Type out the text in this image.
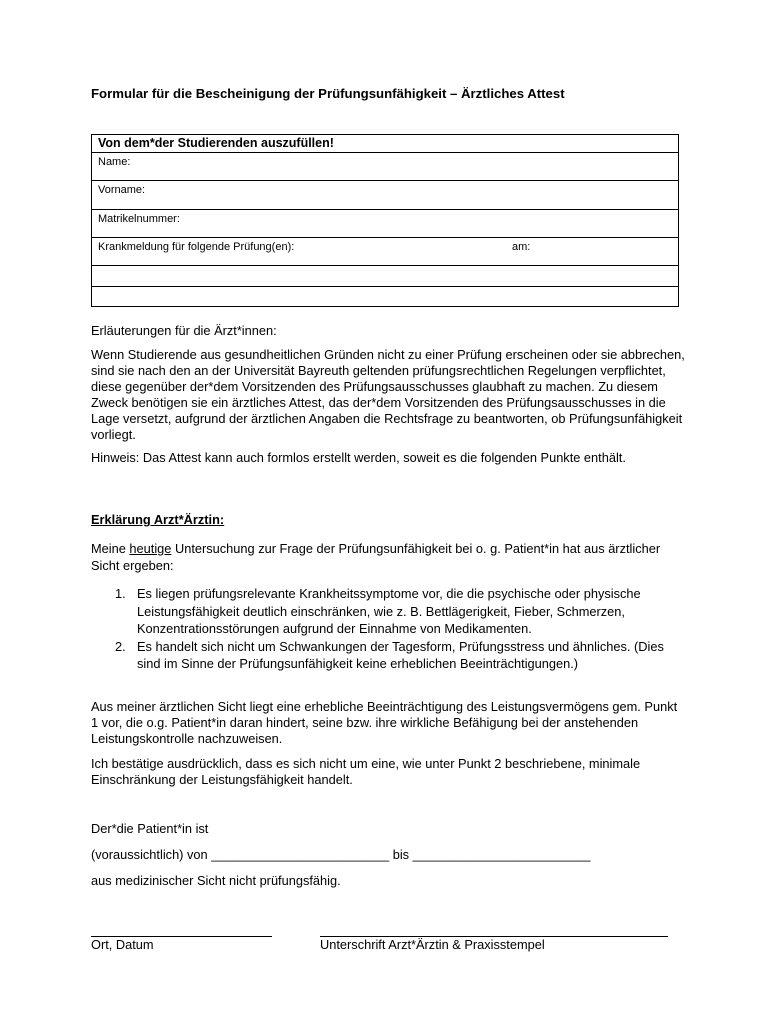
Formular für die Bescheinigung der Prüfungsunfähigkeit – Ärztliches Attest
Von dem*der Studierenden auszufüllen!
Name:
Vorname:
Matrikelnummer:
Krankmeldung für folgende Prüfung(en):	am:
Erläuterungen für die Ärzt*innen:
Wenn Studierende aus gesundheitlichen Gründen nicht zu einer Prüfung erscheinen oder sie abbrechen, sind sie nach den an der Universität Bayreuth geltenden prüfungsrechtlichen Regelungen verpflichtet, diese gegenüber der*dem Vorsitzenden des Prüfungsausschusses glaubhaft zu machen. Zu diesem Zweck benötigen sie ein ärztliches Attest, das der*dem Vorsitzenden des Prüfungsausschusses in die Lage versetzt, aufgrund der ärztlichen Angaben die Rechtsfrage zu beantworten, ob Prüfungsunfähigkeit vorliegt.
Hinweis: Das Attest kann auch formlos erstellt werden, soweit es die folgenden Punkte enthält.
Erklärung Arzt*Ärztin:
Meine heutige Untersuchung zur Frage der Prüfungsunfähigkeit bei o. g. Patient*in hat aus ärztlicher Sicht ergeben:
1. Es liegen prüfungsrelevante Krankheitssymptome vor, die die psychische oder physische Leistungsfähigkeit deutlich einschränken, wie z. B. Bettlägerigkeit, Fieber, Schmerzen, Konzentrationsstörungen aufgrund der Einnahme von Medikamenten.
2. Es handelt sich nicht um Schwankungen der Tagesform, Prüfungsstress und ähnliches. (Dies sind im Sinne der Prüfungsunfähigkeit keine erheblichen Beeinträchtigungen.)
Aus meiner ärztlichen Sicht liegt eine erhebliche Beeinträchtigung des Leistungsvermögens gem. Punkt 1 vor, die o.g. Patient*in daran hindert, seine bzw. ihre wirkliche Befähigung bei der anstehenden Leistungskontrolle nachzuweisen.
Ich bestätige ausdrücklich, dass es sich nicht um eine, wie unter Punkt 2 beschriebene, minimale Einschränkung der Leistungsfähigkeit handelt.
Der*die Patient*in ist
(voraussichtlich) von _________________________ bis _________________________
aus medizinischer Sicht nicht prüfungsfähig.
Ort, Datum	Unterschrift Arzt*Ärztin & Praxisstempel
